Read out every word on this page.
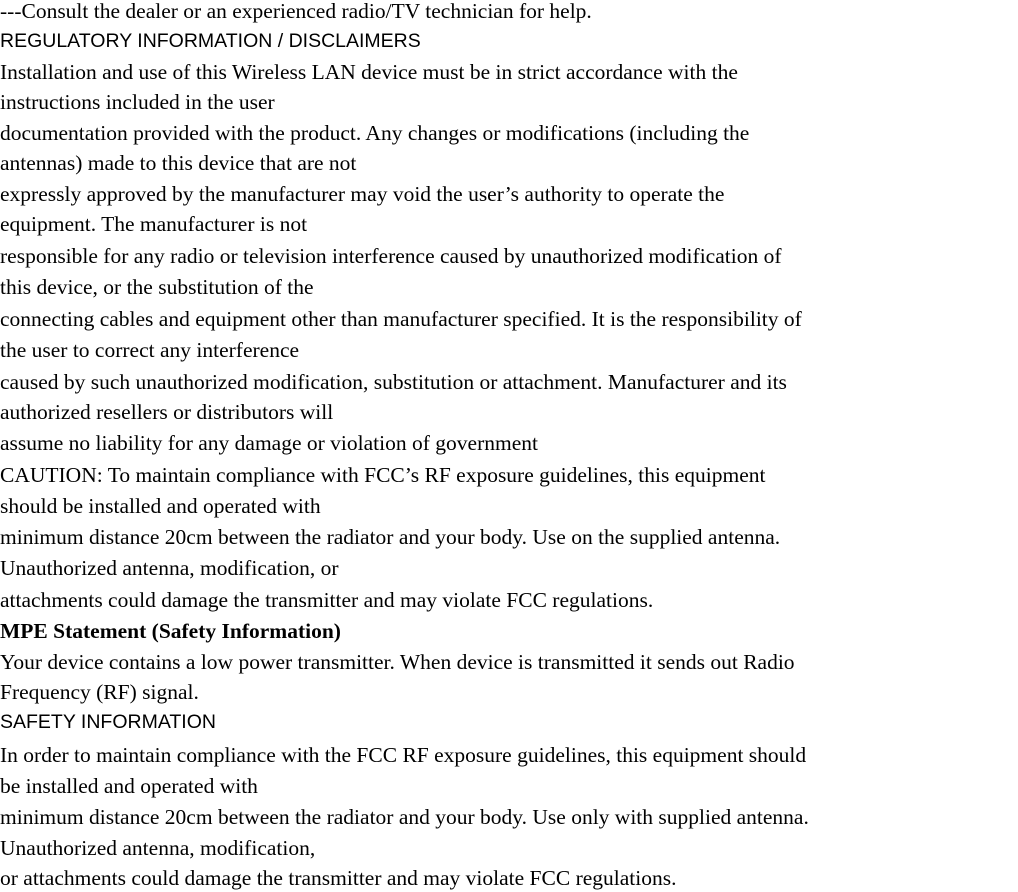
---Consult the dealer or an experienced radio/TV technician for help.
REGULATORY INFORMATION / DISCLAIMERS
Installation and use of this Wireless LAN device must be in strict accordance with the
instructions included in the user
documentation provided with the product. Any changes or modifications (including the
antennas) made to this device that are not
expressly approved by the manufacturer may void the user’s authority to operate the
equipment. The manufacturer is not
responsible for any radio or television interference caused by unauthorized modification of
this device, or the substitution of the
connecting cables and equipment other than manufacturer specified. It is the responsibility of
the user to correct any interference
caused by such unauthorized modification, substitution or attachment. Manufacturer and its
authorized resellers or distributors will
assume no liability for any damage or violation of government
CAUTION: To maintain compliance with FCC’s RF exposure guidelines, this equipment
should be installed and operated with
minimum distance 20cm between the radiator and your body. Use on the supplied antenna.
Unauthorized antenna, modification, or
attachments could damage the transmitter and may violate FCC regulations.
MPE Statement (Safety Information)
Your device contains a low power transmitter. When device is transmitted it sends out Radio
Frequency (RF) signal.
SAFETY INFORMATION
In order to maintain compliance with the FCC RF exposure guidelines, this equipment should
be installed and operated with
minimum distance 20cm between the radiator and your body. Use only with supplied antenna.
Unauthorized antenna, modification,
or attachments could damage the transmitter and may violate FCC regulations.
